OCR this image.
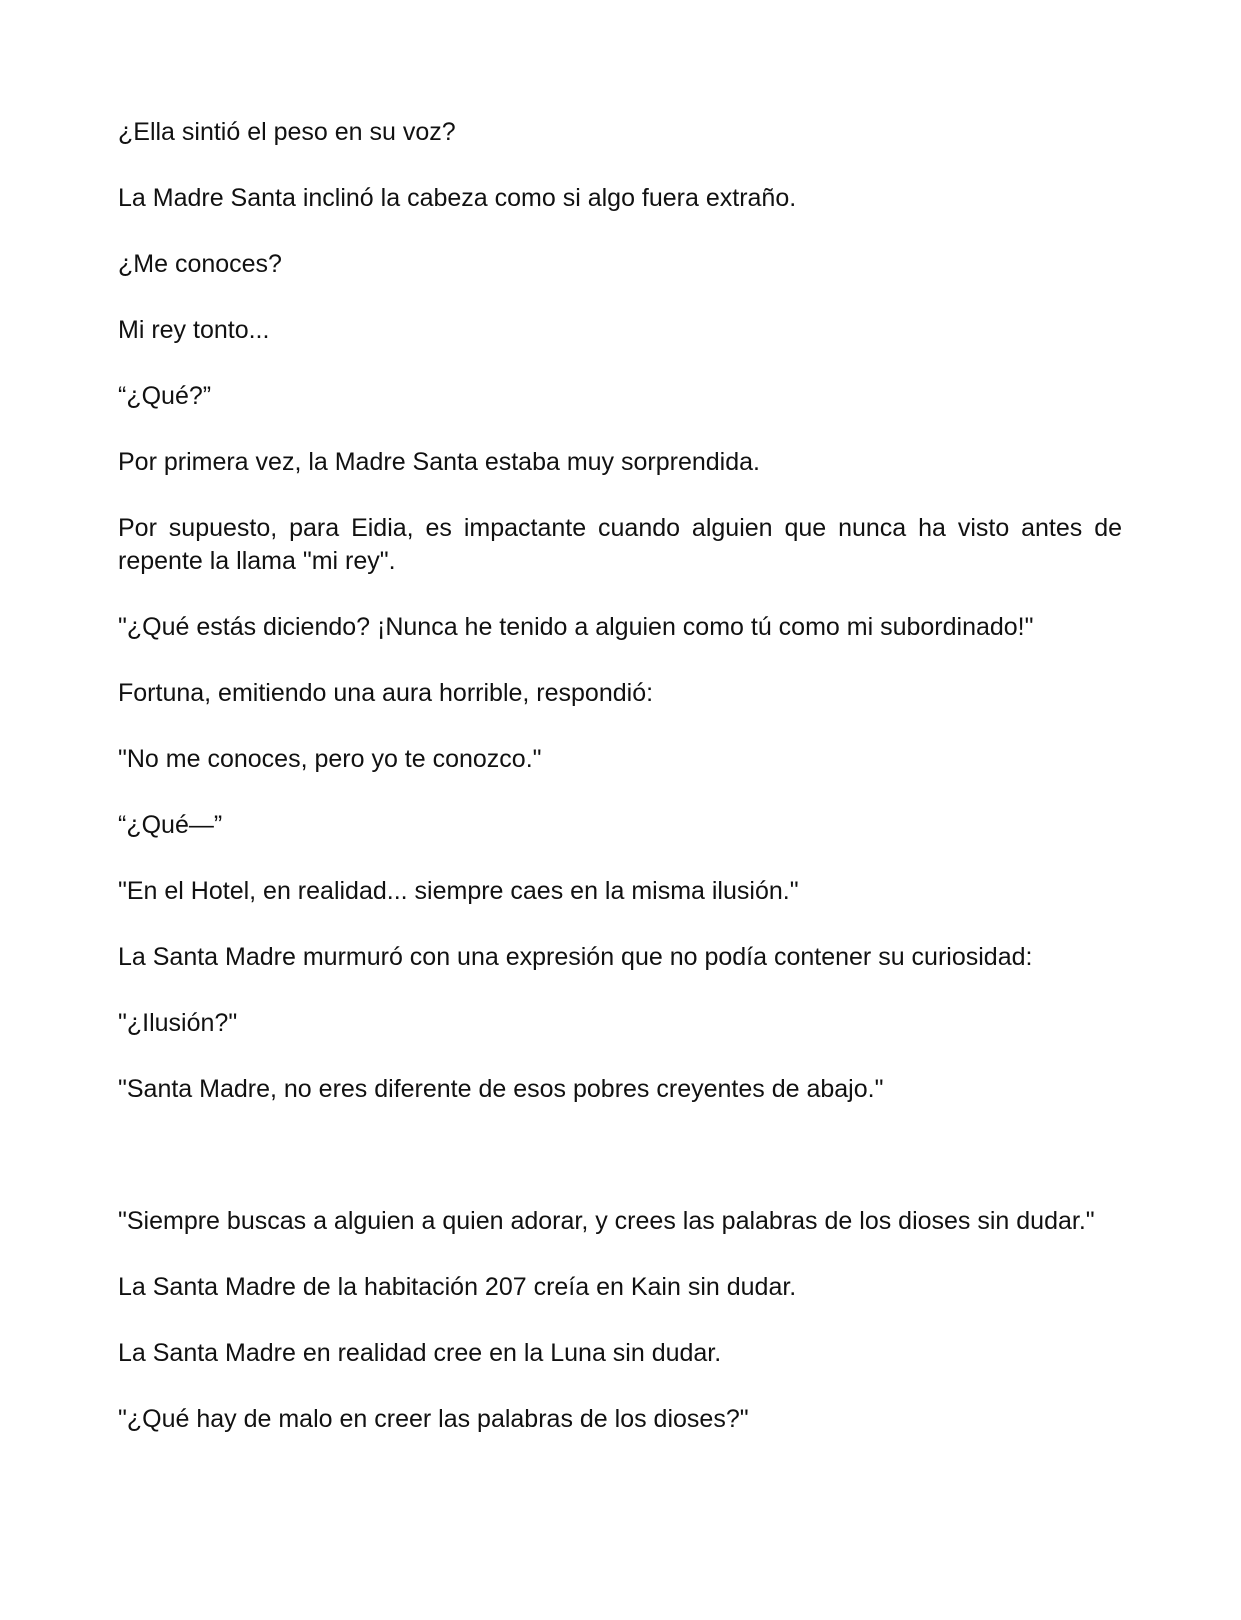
¿Ella sintió el peso en su voz?

La Madre Santa inclinó la cabeza como si algo fuera extraño.

¿Me conoces?

Mi rey tonto...

“¿Qué?”

Por primera vez, la Madre Santa estaba muy sorprendida.

Por supuesto, para Eidia, es impactante cuando alguien que nunca ha visto antes de repente la llama "mi rey".

"¿Qué estás diciendo? ¡Nunca he tenido a alguien como tú como mi subordinado!"

Fortuna, emitiendo una aura horrible, respondió:

"No me conoces, pero yo te conozco."

“¿Qué—”

"En el Hotel, en realidad... siempre caes en la misma ilusión."

La Santa Madre murmuró con una expresión que no podía contener su curiosidad:

"¿Ilusión?"

"Santa Madre, no eres diferente de esos pobres creyentes de abajo."

"Siempre buscas a alguien a quien adorar, y crees las palabras de los dioses sin dudar."

La Santa Madre de la habitación 207 creía en Kain sin dudar.

La Santa Madre en realidad cree en la Luna sin dudar.

"¿Qué hay de malo en creer las palabras de los dioses?"
